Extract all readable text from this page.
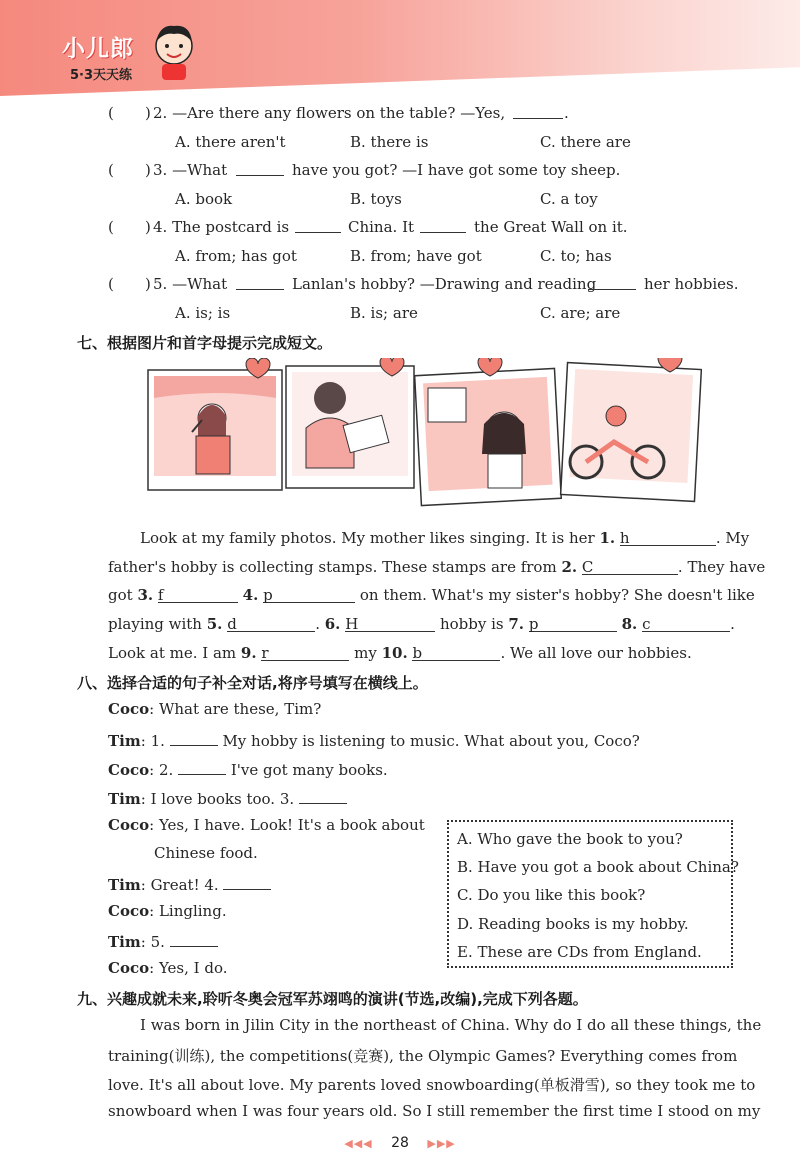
小儿郎
5·3天天练
( ) 2. —Are there any flowers on the table? —Yes,	.
A. there aren't	B. there is	C. there are
( ) 3. —What	have you got? —I have got some toy sheep.
A. book	B. toys	C. a toy
( ) 4. The postcard is	China. It	the Great Wall on it.
A. from; has got	B. from; have got	C. to; has
( ) 5. —What	Lanlan's hobby? —Drawing and reading	her hobbies.
A. is; is	B. is; are	C. are; are
七、根据图片和首字母提示完成短文。
Look at my family photos. My mother likes singing. It is her 1. h	. My
father's hobby is collecting stamps. These stamps are from 2. C	. They have
got 3. f	4. p	on them. What's my sister's hobby? She doesn't like
playing with 5. d	. 6. H	hobby is 7. p	8. c	.
Look at me. I am 9. r	my 10. b	. We all love our hobbies.
八、选择合适的句子补全对话,将序号填写在横线上。
Coco: What are these, Tim?
Tim: 1.	My hobby is listening to music. What about you, Coco?
Coco: 2.	I've got many books.
Tim: I love books too. 3.
Coco: Yes, I have. Look! It's a book about
Chinese food.
Tim: Great! 4.
Coco: Lingling.
Tim: 5.
Coco: Yes, I do.
A. Who gave the book to you?
B. Have you got a book about China?
C. Do you like this book?
D. Reading books is my hobby.
E. These are CDs from England.
九、兴趣成就未来,聆听冬奥会冠军苏翊鸣的演讲(节选,改编),完成下列各题。
I was born in Jilin City in the northeast of China. Why do I do all these things, the
training(训练), the competitions(竞赛), the Olympic Games? Everything comes from
love. It's all about love. My parents loved snowboarding(单板滑雪), so they took me to
snowboard when I was four years old. So I still remember the first time I stood on my
◀◀◀ 28 ▶▶▶
